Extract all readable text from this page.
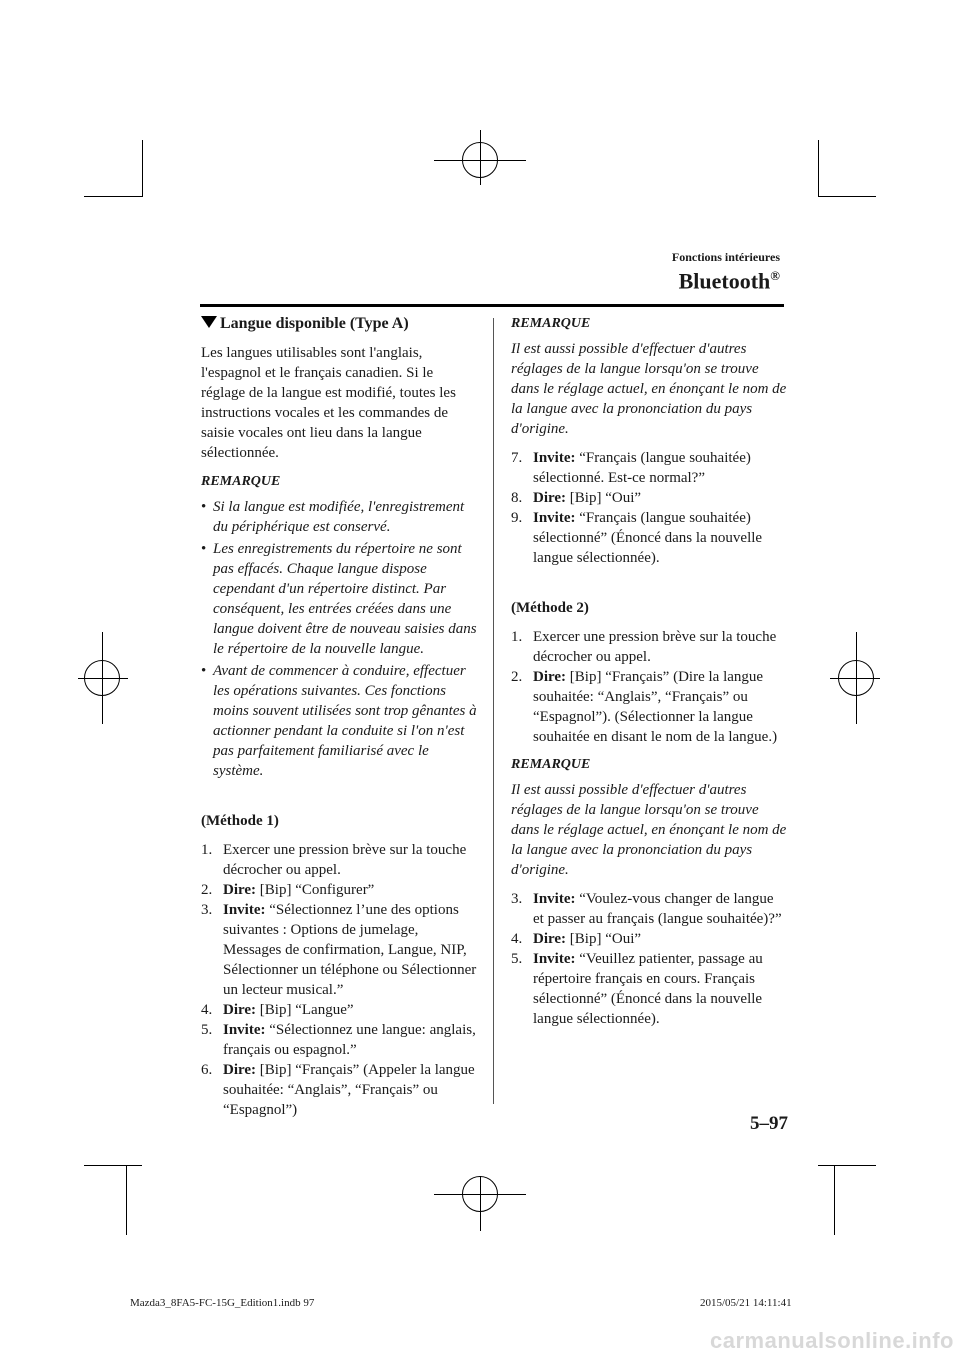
Fonctions intérieures
Bluetooth®
Langue disponible (Type A)

Les langues utilisables sont l'anglais, l'espagnol et le français canadien. Si le réglage de la langue est modifié, toutes les instructions vocales et les commandes de saisie vocales ont lieu dans la langue sélectionnée.

REMARQUE
• Si la langue est modifiée, l'enregistrement du périphérique est conservé.
• Les enregistrements du répertoire ne sont pas effacés. Chaque langue dispose cependant d'un répertoire distinct. Par conséquent, les entrées créées dans une langue doivent être de nouveau saisies dans le répertoire de la nouvelle langue.
• Avant de commencer à conduire, effectuer les opérations suivantes. Ces fonctions moins souvent utilisées sont trop gênantes à actionner pendant la conduite si l'on n'est pas parfaitement familiarisé avec le système.
(Méthode 1)
1. Exercer une pression brève sur la touche décrocher ou appel.
2. Dire: [Bip] “Configurer”
3. Invite: “Sélectionnez l’une des options suivantes : Options de jumelage, Messages de confirmation, Langue, NIP, Sélectionner un téléphone ou Sélectionner un lecteur musical.”
4. Dire: [Bip] “Langue”
5. Invite: “Sélectionnez une langue: anglais, français ou espagnol.”
6. Dire: [Bip] “Français” (Appeler la langue souhaitée: “Anglais”, “Français” ou “Espagnol”)
REMARQUE
Il est aussi possible d'effectuer d'autres réglages de la langue lorsqu'on se trouve dans le réglage actuel, en énonçant le nom de la langue avec la prononciation du pays d'origine.
7. Invite: “Français (langue souhaitée) sélectionné. Est-ce normal?”
8. Dire: [Bip] “Oui”
9. Invite: “Français (langue souhaitée) sélectionné” (Énoncé dans la nouvelle langue sélectionnée).
(Méthode 2)
1. Exercer une pression brève sur la touche décrocher ou appel.
2. Dire: [Bip] “Français” (Dire la langue souhaitée: “Anglais”, “Français” ou “Espagnol”). (Sélectionner la langue souhaitée en disant le nom de la langue.)
REMARQUE
Il est aussi possible d'effectuer d'autres réglages de la langue lorsqu'on se trouve dans le réglage actuel, en énonçant le nom de la langue avec la prononciation du pays d'origine.
3. Invite: “Voulez-vous changer de langue et passer au français (langue souhaitée)?”
4. Dire: [Bip] “Oui”
5. Invite: “Veuillez patienter, passage au répertoire français en cours. Français sélectionné” (Énoncé dans la nouvelle langue sélectionnée).
5–97
Mazda3_8FA5-FC-15G_Edition1.indb 97	2015/05/21 14:11:41
carmanualsonline.info
